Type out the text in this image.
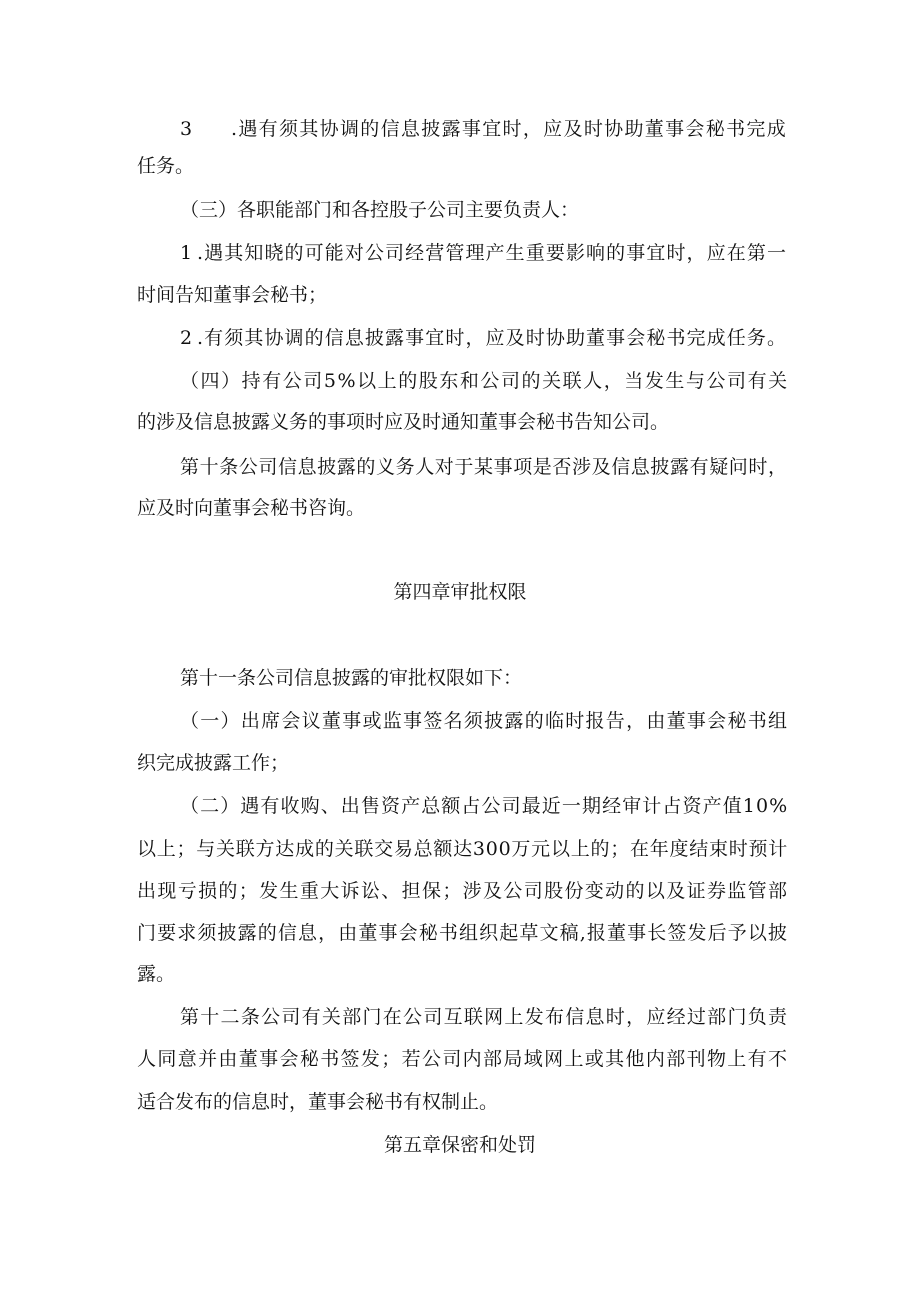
3 .遇有须其协调的信息披露事宜时，应及时协助董事会秘书完成

任务。

（三）各职能部门和各控股子公司主要负责人：

1 .遇其知晓的可能对公司经营管理产生重要影响的事宜时，应在第一

时间告知董事会秘书；

2 .有须其协调的信息披露事宜时，应及时协助董事会秘书完成任务。

（四）持有公司5%以上的股东和公司的关联人，当发生与公司有关

的涉及信息披露义务的事项时应及时通知董事会秘书告知公司。

第十条公司信息披露的义务人对于某事项是否涉及信息披露有疑问时，

应及时向董事会秘书咨询。

第四章审批权限

第十一条公司信息披露的审批权限如下：

（一）出席会议董事或监事签名须披露的临时报告，由董事会秘书组

织完成披露工作；

（二）遇有收购、出售资产总额占公司最近一期经审计占资产值10%

以上；与关联方达成的关联交易总额达300万元以上的；在年度结束时预计

出现亏损的；发生重大诉讼、担保；涉及公司股份变动的以及证券监管部

门要求须披露的信息，由董事会秘书组织起草文稿,报董事长签发后予以披

露。

第十二条公司有关部门在公司互联网上发布信息时，应经过部门负责

人同意并由董事会秘书签发；若公司内部局域网上或其他内部刊物上有不

适合发布的信息时，董事会秘书有权制止。

第五章保密和处罚
